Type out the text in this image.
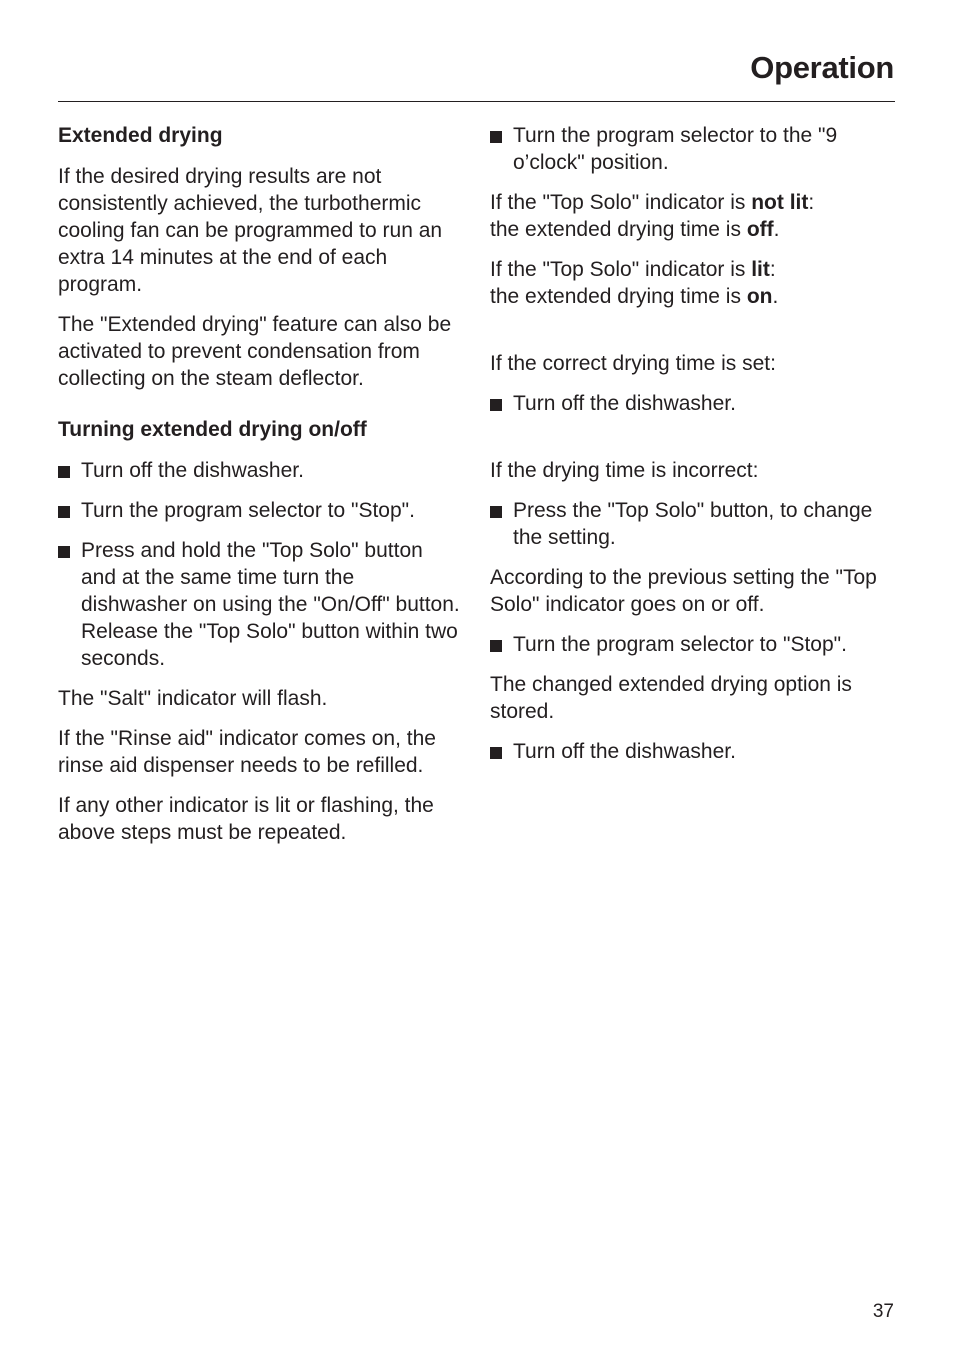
Operation
Extended drying

If the desired drying results are not consistently achieved, the turbothermic cooling fan can be programmed to run an extra 14 minutes at the end of each program.

The "Extended drying" feature can also be activated to prevent condensation from collecting on the steam deflector.

Turning extended drying on/off

Turn off the dishwasher.

Turn the program selector to "Stop".

Press and hold the "Top Solo" button and at the same time turn the dishwasher on using the "On/Off" button.
Release the "Top Solo" button within two seconds.

The "Salt" indicator will flash.

If the "Rinse aid" indicator comes on, the rinse aid dispenser needs to be refilled.

If any other indicator is lit or flashing, the above steps must be repeated.

Turn the program selector to the "9 o’clock" position.

If the "Top Solo" indicator is not lit:
the extended drying time is off.

If the "Top Solo" indicator is lit:
the extended drying time is on.

If the correct drying time is set:

Turn off the dishwasher.

If the drying time is incorrect:

Press the "Top Solo" button, to change the setting.

According to the previous setting the "Top Solo" indicator goes on or off.

Turn the program selector to "Stop".

The changed extended drying option is stored.

Turn off the dishwasher.

37
